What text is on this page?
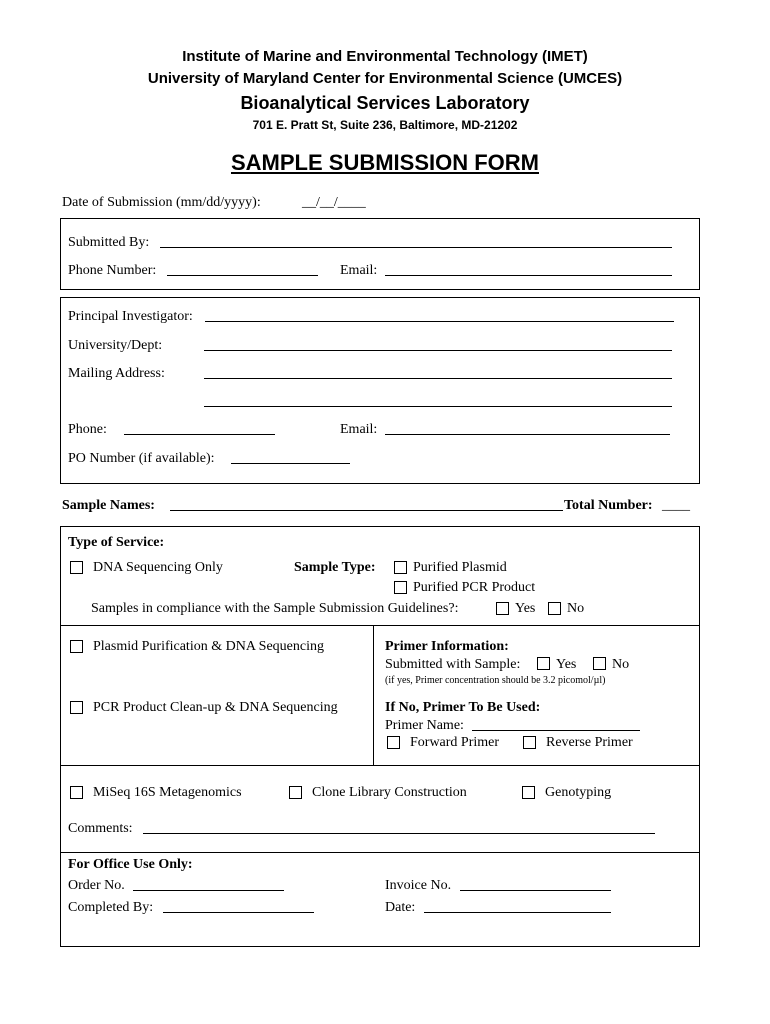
Institute of Marine and Environmental Technology (IMET)
University of Maryland Center for Environmental Science (UMCES)
Bioanalytical Services Laboratory
701 E. Pratt St, Suite 236, Baltimore, MD-21202
SAMPLE SUBMISSION FORM
Date of Submission (mm/dd/yyyy):	__/__/____
Submitted By:
Phone Number:	Email:
Principal Investigator:
University/Dept:
Mailing Address:
Phone:	Email:
PO Number (if available):
Sample Names:	Total Number: ____
Type of Service:
DNA Sequencing Only	Sample Type:	Purified Plasmid
Purified PCR Product
Samples in compliance with the Sample Submission Guidelines?:	Yes No
Plasmid Purification & DNA Sequencing	Primer Information:
Submitted with Sample:	Yes	No
(if yes, Primer concentration should be 3.2 picomol/µl)
PCR Product Clean-up & DNA Sequencing	If No, Primer To Be Used:
Primer Name:
Forward Primer	Reverse Primer
MiSeq 16S Metagenomics	Clone Library Construction	Genotyping
Comments:
For Office Use Only:
Order No.	Invoice No.
Completed By:	Date:
